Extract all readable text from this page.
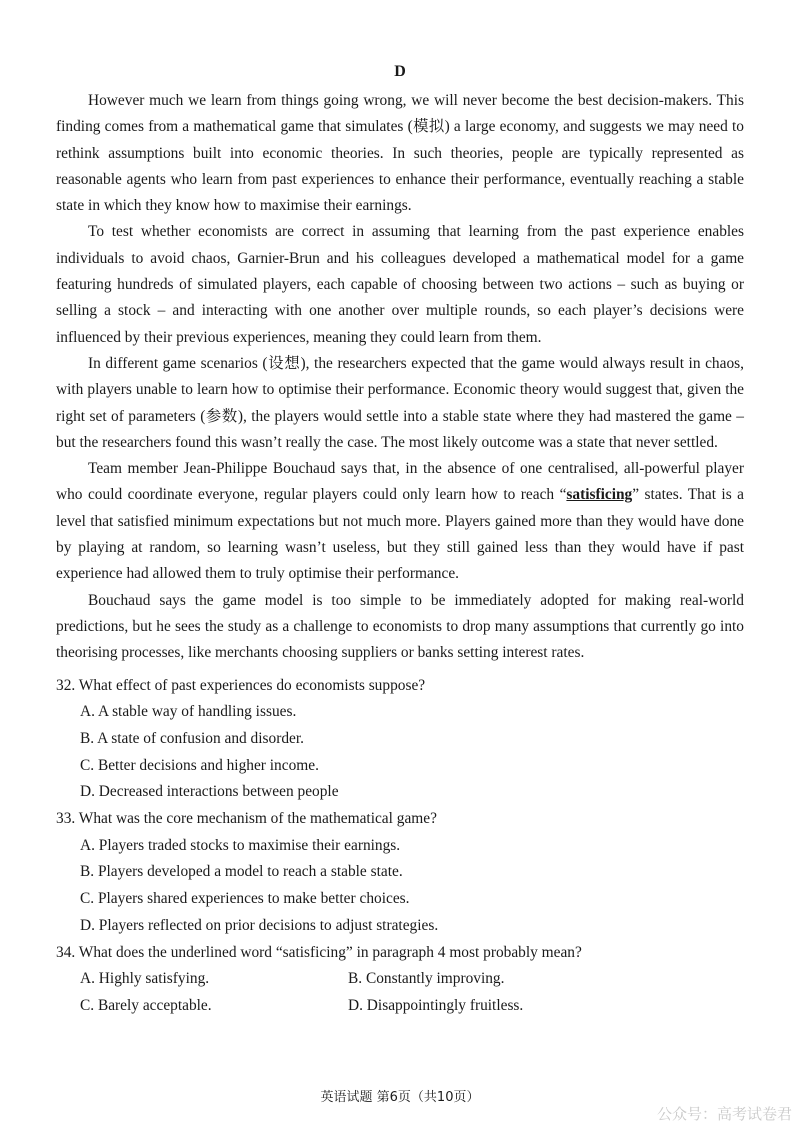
D

However much we learn from things going wrong, we will never become the best decision-makers. This finding comes from a mathematical game that simulates (模拟) a large economy, and suggests we may need to rethink assumptions built into economic theories. In such theories, people are typically represented as reasonable agents who learn from past experiences to enhance their performance, eventually reaching a stable state in which they know how to maximise their earnings.

To test whether economists are correct in assuming that learning from the past experience enables individuals to avoid chaos, Garnier-Brun and his colleagues developed a mathematical model for a game featuring hundreds of simulated players, each capable of choosing between two actions – such as buying or selling a stock – and interacting with one another over multiple rounds, so each player’s decisions were influenced by their previous experiences, meaning they could learn from them.

In different game scenarios (设想), the researchers expected that the game would always result in chaos, with players unable to learn how to optimise their performance. Economic theory would suggest that, given the right set of parameters (参数), the players would settle into a stable state where they had mastered the game – but the researchers found this wasn’t really the case. The most likely outcome was a state that never settled.

Team member Jean-Philippe Bouchaud says that, in the absence of one centralised, all-powerful player who could coordinate everyone, regular players could only learn how to reach “satisficing” states. That is a level that satisfied minimum expectations but not much more. Players gained more than they would have done by playing at random, so learning wasn’t useless, but they still gained less than they would have if past experience had allowed them to truly optimise their performance.

Bouchaud says the game model is too simple to be immediately adopted for making real-world predictions, but he sees the study as a challenge to economists to drop many assumptions that currently go into theorising processes, like merchants choosing suppliers or banks setting interest rates.

32. What effect of past experiences do economists suppose?

A. A stable way of handling issues.

B. A state of confusion and disorder.

C. Better decisions and higher income.

D. Decreased interactions between people

33. What was the core mechanism of the mathematical game?

A. Players traded stocks to maximise their earnings.

B. Players developed a model to reach a stable state.

C. Players shared experiences to make better choices.

D. Players reflected on prior decisions to adjust strategies.

34. What does the underlined word “satisficing” in paragraph 4 most probably mean?

A. Highly satisfying.	B. Constantly improving.
C. Barely acceptable.	D. Disappointingly fruitless.
英语试题 第6页（共10页）
公众号：高考试卷君
